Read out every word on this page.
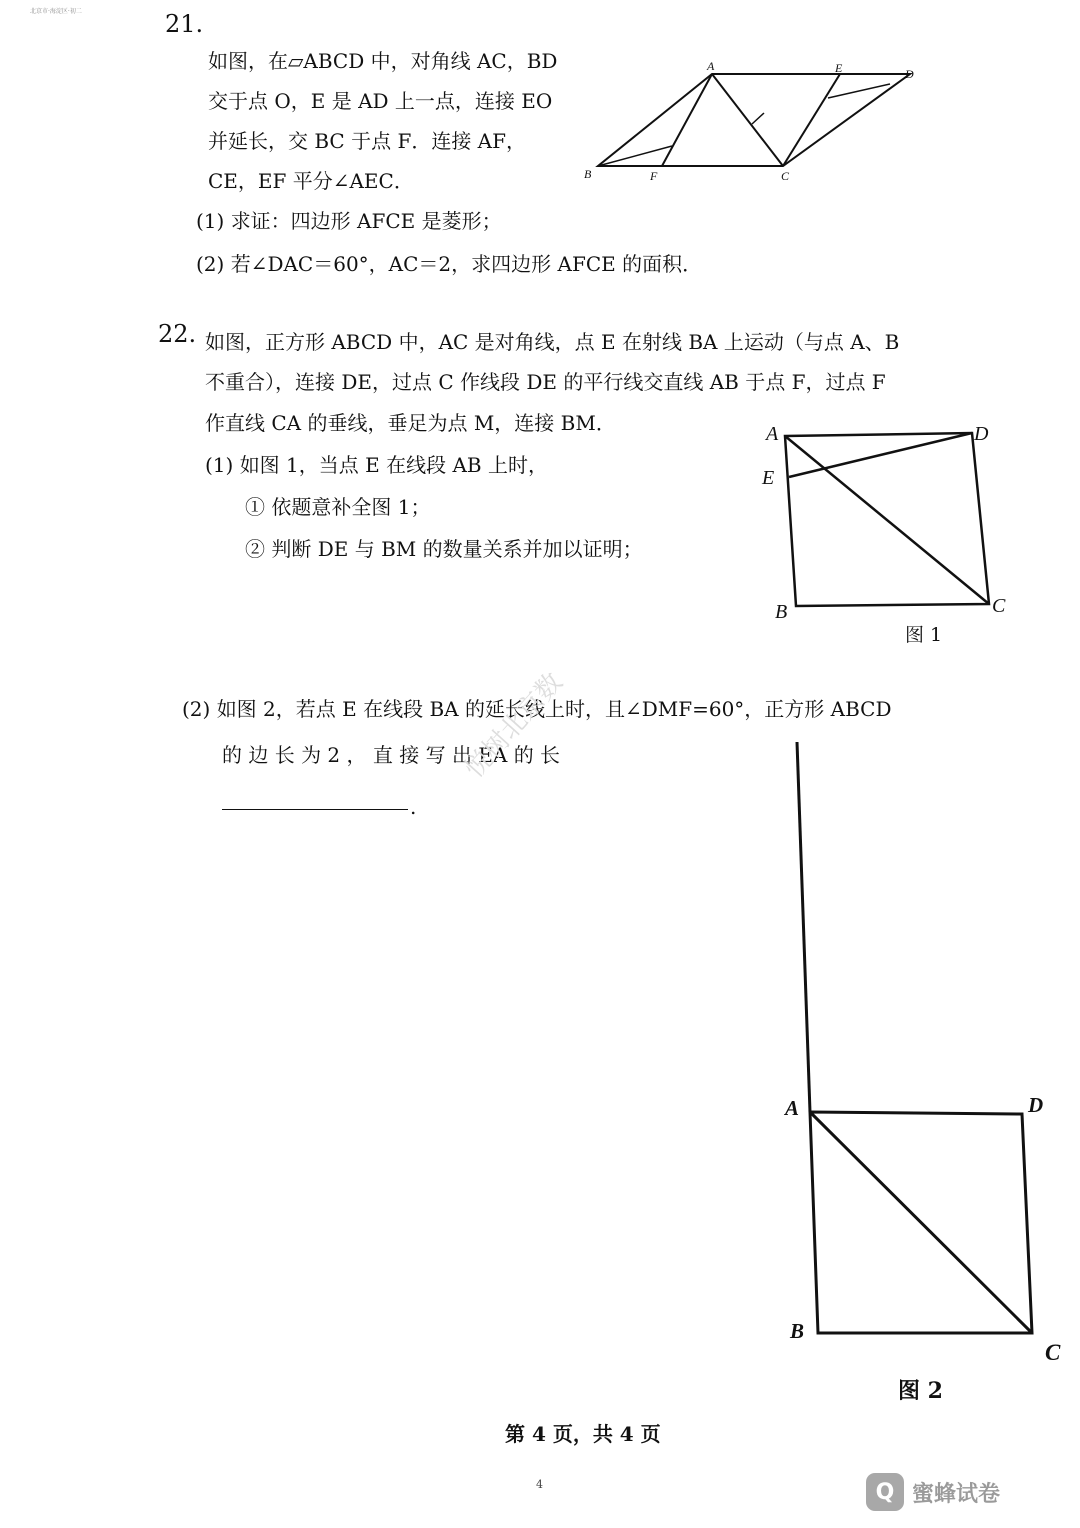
北京市·海淀区·初二	21.
如图，在▱ABCD 中，对角线 AC，BD
交于点 O，E 是 AD 上一点，连接 EO
并延长，交 BC 于点 F．连接 AF，
CE，EF 平分∠AEC．
(1) 求证：四边形 AFCE 是菱形；
(2) 若∠DAC＝60°，AC＝2，求四边形 AFCE 的面积．
22. 如图，正方形 ABCD 中，AC 是对角线，点 E 在射线 BA 上运动（与点 A、B
不重合），连接 DE，过点 C 作线段 DE 的平行线交直线 AB 于点 F，过点 F
作直线 CA 的垂线，垂足为点 M，连接 BM．
(1) 如图 1，当点 E 在线段 AB 上时，
① 依题意补全图 1；
② 判断 DE 与 BM 的数量关系并加以证明；
(2) 如图 2，若点 E 在线段 BA 的延长线上时，且∠DMF=60°，正方形 ABCD
的 边 长 为 2 ， 直 接 写 出 EA 的 长
.
悦树北京数
A
D
E
B	F	C
A	D
E
B	C
图 1
A	D
B
C
图 2
第 4 页，共 4 页
4	Q 蜜蜂试卷
